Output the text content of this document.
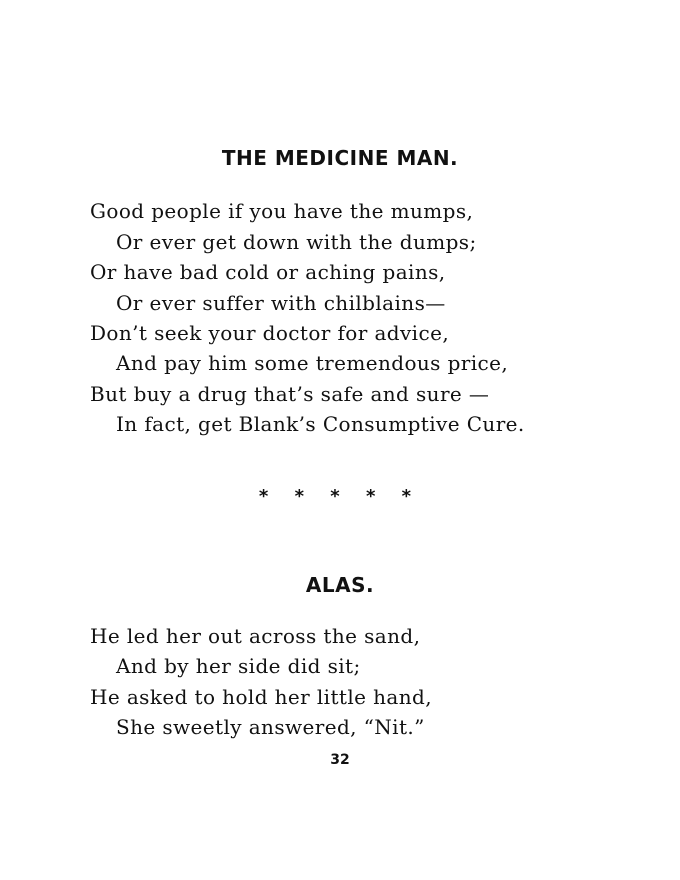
THE MEDICINE MAN.
Good people if you have the mumps,
Or ever get down with the dumps;
Or have bad cold or aching pains,
Or ever suffer with chilblains—
Don’t seek your doctor for advice,
And pay him some tremendous price,
But buy a drug that’s safe and sure —
In fact, get Blank’s Consumptive Cure.
* * * * *
ALAS.
He led her out across the sand,
And by her side did sit;
He asked to hold her little hand,
She sweetly answered, “Nit.”
32
